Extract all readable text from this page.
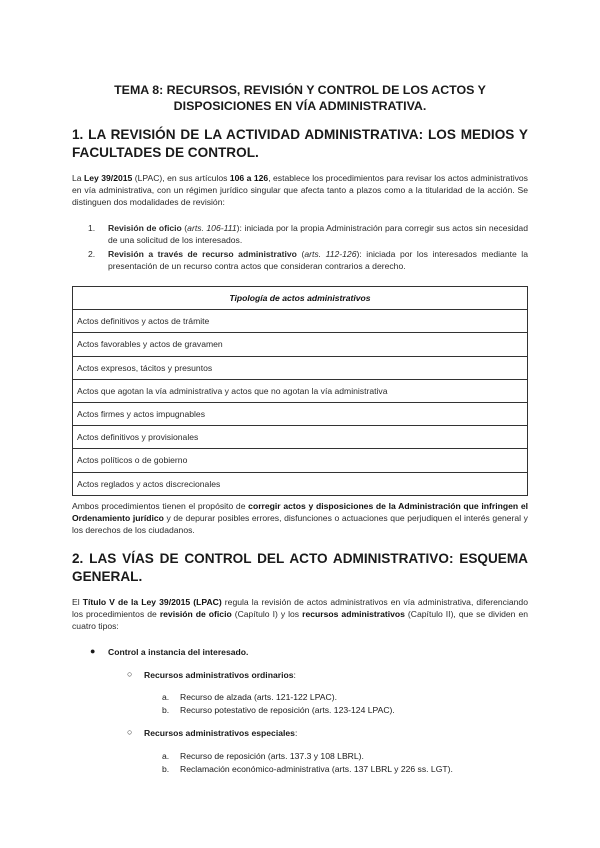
TEMA 8: RECURSOS, REVISIÓN Y CONTROL DE LOS ACTOS Y DISPOSICIONES EN VÍA ADMINISTRATIVA.
1. LA REVISIÓN DE LA ACTIVIDAD ADMINISTRATIVA: LOS MEDIOS Y FACULTADES DE CONTROL.
La Ley 39/2015 (LPAC), en sus artículos 106 a 126, establece los procedimientos para revisar los actos administrativos en vía administrativa, con un régimen jurídico singular que afecta tanto a plazos como a la titularidad de la acción. Se distinguen dos modalidades de revisión:
1. Revisión de oficio (arts. 106-111): iniciada por la propia Administración para corregir sus actos sin necesidad de una solicitud de los interesados.
2. Revisión a través de recurso administrativo (arts. 112-126): iniciada por los interesados mediante la presentación de un recurso contra actos que consideran contrarios a derecho.
Tipología de actos administrativos
Actos definitivos y actos de trámite
Actos favorables y actos de gravamen
Actos expresos, tácitos y presuntos
Actos que agotan la vía administrativa y actos que no agotan la vía administrativa
Actos firmes y actos impugnables
Actos definitivos y provisionales
Actos políticos o de gobierno
Actos reglados y actos discrecionales
Ambos procedimientos tienen el propósito de corregir actos y disposiciones de la Administración que infringen el Ordenamiento jurídico y de depurar posibles errores, disfunciones o actuaciones que perjudiquen el interés general y los derechos de los ciudadanos.
2. LAS VÍAS DE CONTROL DEL ACTO ADMINISTRATIVO: ESQUEMA GENERAL.
El Título V de la Ley 39/2015 (LPAC) regula la revisión de actos administrativos en vía administrativa, diferenciando los procedimientos de revisión de oficio (Capítulo I) y los recursos administrativos (Capítulo II), que se dividen en cuatro tipos:
● Control a instancia del interesado.
○ Recursos administrativos ordinarios:
a. Recurso de alzada (arts. 121-122 LPAC).
b. Recurso potestativo de reposición (arts. 123-124 LPAC).
○ Recursos administrativos especiales:
a. Recurso de reposición (arts. 137.3 y 108 LBRL).
b. Reclamación económico-administrativa (arts. 137 LBRL y 226 ss. LGT).
